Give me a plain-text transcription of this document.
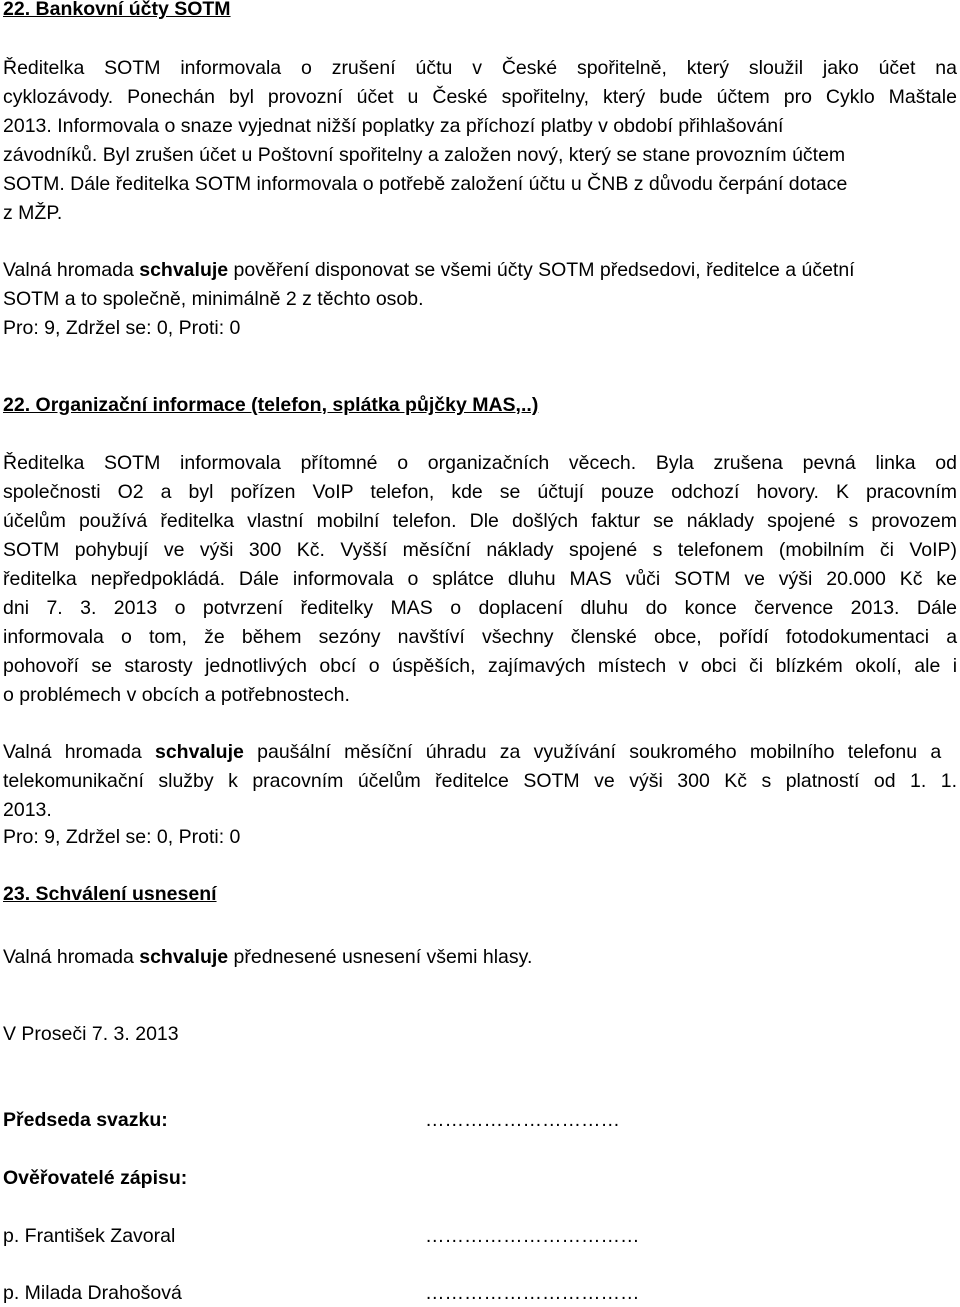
22. Bankovní účty SOTM
Ředitelka SOTM informovala o zrušení účtu v České spořitelně, který sloužil jako účet na
cyklozávody. Ponechán byl provozní účet u České spořitelny, který bude účtem pro Cyklo Maštale
2013. Informovala o snaze vyjednat nižší poplatky za příchozí platby v období přihlašování
závodníků. Byl zrušen účet u Poštovní spořitelny a založen nový, který se stane provozním účtem
SOTM. Dále ředitelka SOTM informovala o potřebě založení účtu u ČNB z důvodu čerpání dotace
z MŽP.
Valná hromada schvaluje pověření disponovat se všemi účty SOTM předsedovi, ředitelce a účetní
SOTM a to společně, minimálně 2 z těchto osob.
Pro: 9, Zdržel se: 0, Proti: 0
22. Organizační informace (telefon, splátka půjčky MAS,..)
Ředitelka SOTM informovala přítomné o organizačních věcech. Byla zrušena pevná linka od
společnosti O2 a byl pořízen VoIP telefon, kde se účtují pouze odchozí hovory. K pracovním
účelům používá ředitelka vlastní mobilní telefon. Dle došlých faktur se náklady spojené s provozem
SOTM pohybují ve výši 300 Kč. Vyšší měsíční náklady spojené s telefonem (mobilním či VoIP)
ředitelka nepředpokládá. Dále informovala o splátce dluhu MAS vůči SOTM ve výši 20.000 Kč ke
dni 7. 3. 2013 o potvrzení ředitelky MAS o doplacení dluhu do konce července 2013. Dále
informovala o tom, že během sezóny navštíví všechny členské obce, pořídí fotodokumentaci a
pohovoří se starosty jednotlivých obcí o úspěších, zajímavých místech v obci či blízkém okolí, ale i
o problémech v obcích a potřebnostech.
Valná hromada schvaluje paušální měsíční úhradu za využívání soukromého mobilního telefonu a
telekomunikační služby k pracovním účelům ředitelce SOTM ve výši 300 Kč s platností od 1. 1.
2013.
Pro: 9, Zdržel se: 0, Proti: 0
23. Schválení usnesení
Valná hromada schvaluje přednesené usnesení všemi hlasy.
V Proseči 7. 3. 2013
Předseda svazku:	…………………………
Ověřovatelé zápisu:
p. František Zavoral	……………………………
p. Milada Drahošová	……………………………
